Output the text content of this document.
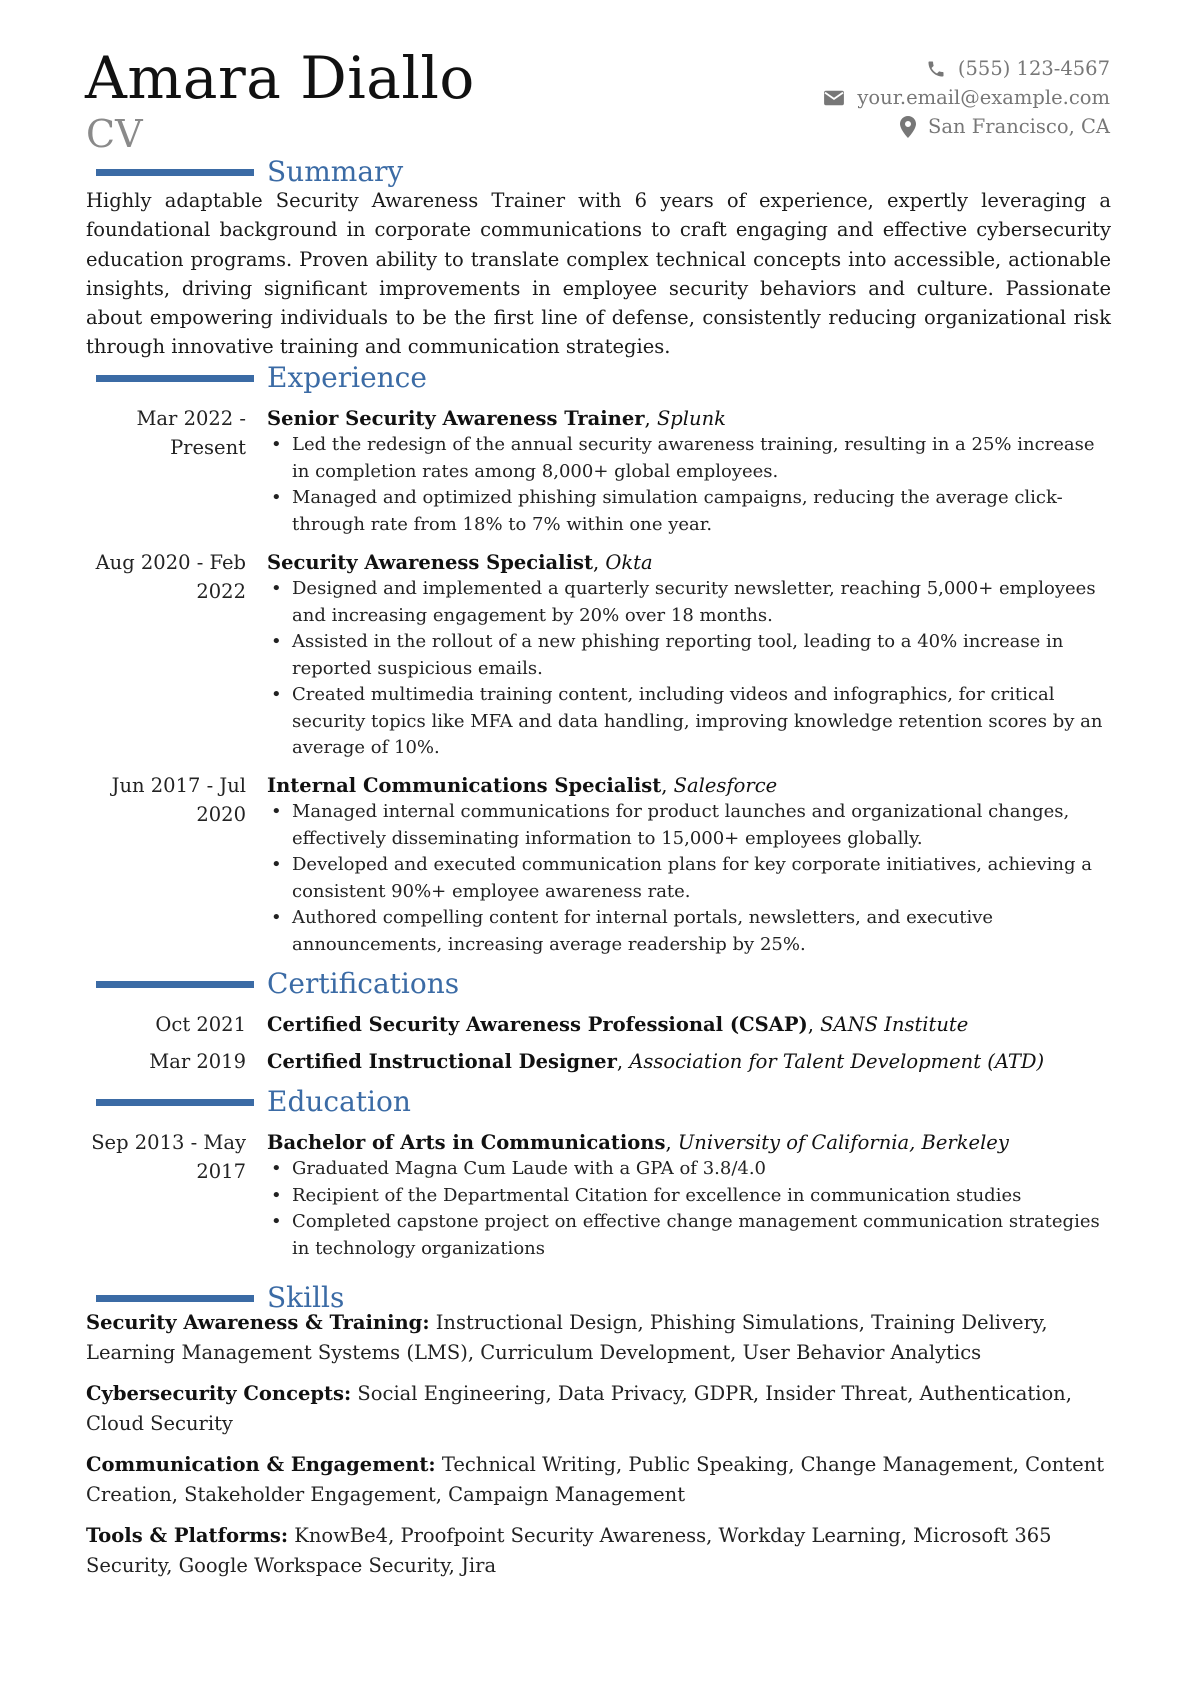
Amara Diallo
CV
(555) 123-4567
your.email@example.com
San Francisco, CA
Summary

Highly adaptable Security Awareness Trainer with 6 years of experience, expertly leveraging a foundational background in corporate communications to craft engaging and effective cybersecurity education programs. Proven ability to translate complex technical concepts into accessible, actionable insights, driving significant improvements in employee security behaviors and culture. Passionate about empowering individuals to be the first line of defense, consistently reducing organizational risk through innovative training and communication strategies.

Experience
Mar 2022 -
Present
Senior Security Awareness Trainer, Splunk
• Led the redesign of the annual security awareness training, resulting in a 25% increase in completion rates among 8,000+ global employees.
• Managed and optimized phishing simulation campaigns, reducing the average click-through rate from 18% to 7% within one year.
Aug 2020 - Feb
2022
Security Awareness Specialist, Okta
• Designed and implemented a quarterly security newsletter, reaching 5,000+ employees and increasing engagement by 20% over 18 months.
• Assisted in the rollout of a new phishing reporting tool, leading to a 40% increase in reported suspicious emails.
• Created multimedia training content, including videos and infographics, for critical security topics like MFA and data handling, improving knowledge retention scores by an average of 10%.
Jun 2017 - Jul
2020
Internal Communications Specialist, Salesforce
• Managed internal communications for product launches and organizational changes, effectively disseminating information to 15,000+ employees globally.
• Developed and executed communication plans for key corporate initiatives, achieving a consistent 90%+ employee awareness rate.
• Authored compelling content for internal portals, newsletters, and executive announcements, increasing average readership by 25%.
Certifications
Oct 2021 Certified Security Awareness Professional (CSAP), SANS Institute
Mar 2019 Certified Instructional Designer, Association for Talent Development (ATD)
Education
Sep 2013 - May
2017
Bachelor of Arts in Communications, University of California, Berkeley
• Graduated Magna Cum Laude with a GPA of 3.8/4.0
• Recipient of the Departmental Citation for excellence in communication studies
• Completed capstone project on effective change management communication strategies in technology organizations
Skills

Security Awareness & Training: Instructional Design, Phishing Simulations, Training Delivery, Learning Management Systems (LMS), Curriculum Development, User Behavior Analytics

Cybersecurity Concepts: Social Engineering, Data Privacy, GDPR, Insider Threat, Authentication, Cloud Security

Communication & Engagement: Technical Writing, Public Speaking, Change Management, Content Creation, Stakeholder Engagement, Campaign Management

Tools & Platforms: KnowBe4, Proofpoint Security Awareness, Workday Learning, Microsoft 365 Security, Google Workspace Security, Jira
